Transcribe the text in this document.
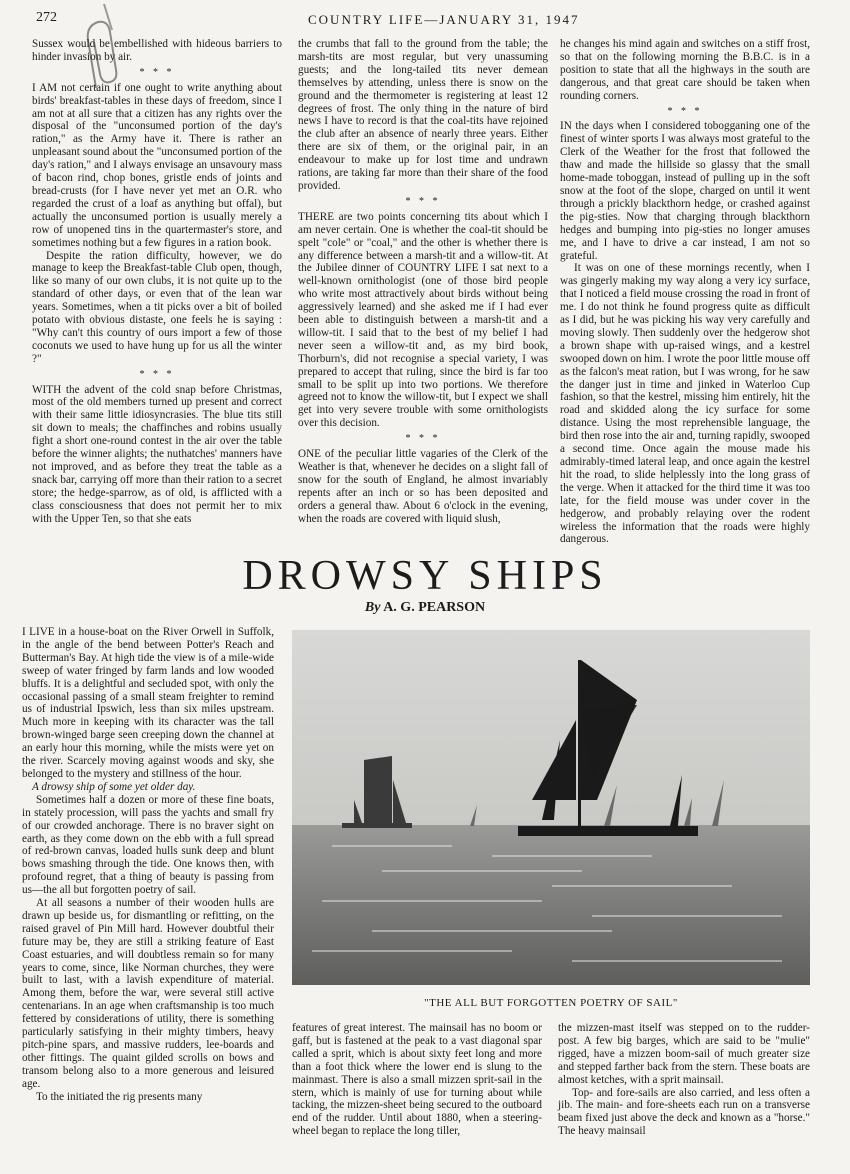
272	COUNTRY LIFE—JANUARY 31, 1947

Sussex would be embellished with hideous barriers to hinder invasion by air.

* * *

I AM not certain if one ought to write anything about birds' breakfast-tables in these days of freedom, since I am not at all sure that a citizen has any rights over the disposal of the "unconsumed portion of the day's ration," as the Army have it. There is rather an unpleasant sound about the "unconsumed portion of the day's ration," and I always envisage an unsavoury mass of bacon rind, chop bones, gristle ends of joints and bread-crusts (for I have never yet met an O.R. who regarded the crust of a loaf as anything but offal), but actually the unconsumed portion is usually merely a row of unopened tins in the quartermaster's store, and sometimes nothing but a few figures in a ration book.

Despite the ration difficulty, however, we do manage to keep the Breakfast-table Club open, though, like so many of our own clubs, it is not quite up to the standard of other days, or even that of the lean war years. Sometimes, when a tit picks over a bit of boiled potato with obvious distaste, one feels he is saying : "Why can't this country of ours import a few of those coconuts we used to have hung up for us all the winter ?"

* * *

WITH the advent of the cold snap before Christmas, most of the old members turned up present and correct with their same little idiosyncrasies. The blue tits still sit down to meals; the chaffinches and robins usually fight a short one-round contest in the air over the table before the winner alights; the nuthatches' manners have not improved, and as before they treat the table as a snack bar, carrying off more than their ration to a secret store; the hedge-sparrow, as of old, is afflicted with a class consciousness that does not permit her to mix with the Upper Ten, so that she eats

the crumbs that fall to the ground from the table; the marsh-tits are most regular, but very unassuming guests; and the long-tailed tits never demean themselves by attending, unless there is snow on the ground and the thermometer is registering at least 12 degrees of frost. The only thing in the nature of bird news I have to record is that the coal-tits have rejoined the club after an absence of nearly three years. Either there are six of them, or the original pair, in an endeavour to make up for lost time and undrawn rations, are taking far more than their share of the food provided.

* * *

THERE are two points concerning tits about which I am never certain. One is whether the coal-tit should be spelt "cole" or "coal," and the other is whether there is any difference between a marsh-tit and a willow-tit. At the Jubilee dinner of COUNTRY LIFE I sat next to a well-known ornithologist (one of those bird people who write most attractively about birds without being aggressively learned) and she asked me if I had ever been able to distinguish between a marsh-tit and a willow-tit. I said that to the best of my belief I had never seen a willow-tit and, as my bird book, Thorburn's, did not recognise a special variety, I was prepared to accept that ruling, since the bird is far too small to be split up into two portions. We therefore agreed not to know the willow-tit, but I expect we shall get into very severe trouble with some ornithologists over this decision.

* * *

ONE of the peculiar little vagaries of the Clerk of the Weather is that, whenever he decides on a slight fall of snow for the south of England, he almost invariably repents after an inch or so has been deposited and orders a general thaw. About 6 o'clock in the evening, when the roads are covered with liquid slush,

he changes his mind again and switches on a stiff frost, so that on the following morning the B.B.C. is in a position to state that all the highways in the south are dangerous, and that great care should be taken when rounding corners.

* * *

IN the days when I considered tobogganing one of the finest of winter sports I was always most grateful to the Clerk of the Weather for the frost that followed the thaw and made the hillside so glassy that the small home-made toboggan, instead of pulling up in the soft snow at the foot of the slope, charged on until it went through a prickly blackthorn hedge, or crashed against the pig-sties. Now that charging through blackthorn hedges and bumping into pig-sties no longer amuses me, and I have to drive a car instead, I am not so grateful.

It was on one of these mornings recently, when I was gingerly making my way along a very icy surface, that I noticed a field mouse crossing the road in front of me. I do not think he found progress quite as difficult as I did, but he was picking his way very carefully and moving slowly. Then suddenly over the hedgerow shot a brown shape with up-raised wings, and a kestrel swooped down on him. I wrote the poor little mouse off as the falcon's meat ration, but I was wrong, for he saw the danger just in time and jinked in Waterloo Cup fashion, so that the kestrel, missing him entirely, hit the road and skidded along the icy surface for some distance. Using the most reprehensible language, the bird then rose into the air and, turning rapidly, swooped a second time. Once again the mouse made his admirably-timed lateral leap, and once again the kestrel hit the road, to slide helplessly into the long grass of the verge. When it attacked for the third time it was too late, for the field mouse was under cover in the hedgerow, and probably relaying over the rodent wireless the information that the roads were highly dangerous.

DROWSY SHIPS
By A. G. PEARSON

I LIVE in a house-boat on the River Orwell in Suffolk, in the angle of the bend between Potter's Reach and Butterman's Bay. At high tide the view is of a mile-wide sweep of water fringed by farm lands and low wooded bluffs. It is a delightful and secluded spot, with only the occasional passing of a small steam freighter to remind us of industrial Ipswich, less than six miles upstream. Much more in keeping with its character was the tall brown-winged barge seen creeping down the channel at an early hour this morning, while the mists were yet on the river. Scarcely moving against woods and sky, she belonged to the mystery and stillness of the hour.

A drowsy ship of some yet older day.

Sometimes half a dozen or more of these fine boats, in stately procession, will pass the yachts and small fry of our crowded anchorage. There is no braver sight on earth, as they come down on the ebb with a full spread of red-brown canvas, loaded hulls sunk deep and blunt bows smashing through the tide. One knows then, with profound regret, that a thing of beauty is passing from us—the all but forgotten poetry of sail.

At all seasons a number of their wooden hulls are drawn up beside us, for dismantling or refitting, on the raised gravel of Pin Mill hard. However doubtful their future may be, they are still a striking feature of East Coast estuaries, and will doubtless remain so for many years to come, since, like Norman churches, they were built to last, with a lavish expenditure of material. Among them, before the war, were several still active centenarians. In an age when craftsmanship is too much fettered by considerations of utility, there is something particularly satisfying in their mighty timbers, heavy pitch-pine spars, and massive rudders, lee-boards and other fittings. The quaint gilded scrolls on bows and transom belong also to a more generous and leisured age.

To the initiated the rig presents many

"THE ALL BUT FORGOTTEN POETRY OF SAIL"

features of great interest. The mainsail has no boom or gaff, but is fastened at the peak to a vast diagonal spar called a sprit, which is about sixty feet long and more than a foot thick where the lower end is slung to the mainmast. There is also a small mizzen sprit-sail in the stern, which is mainly of use for turning about while tacking, the mizzen-sheet being secured to the outboard end of the rudder. Until about 1880, when a steering-wheel began to replace the long tiller,

the mizzen-mast itself was stepped on to the rudder-post. A few big barges, which are said to be "mulie" rigged, have a mizzen boom-sail of much greater size and stepped farther back from the stern. These boats are almost ketches, with a sprit mainsail.

Top- and fore-sails are also carried, and less often a jib. The main- and fore-sheets each run on a transverse beam fixed just above the deck and known as a "horse." The heavy mainsail
